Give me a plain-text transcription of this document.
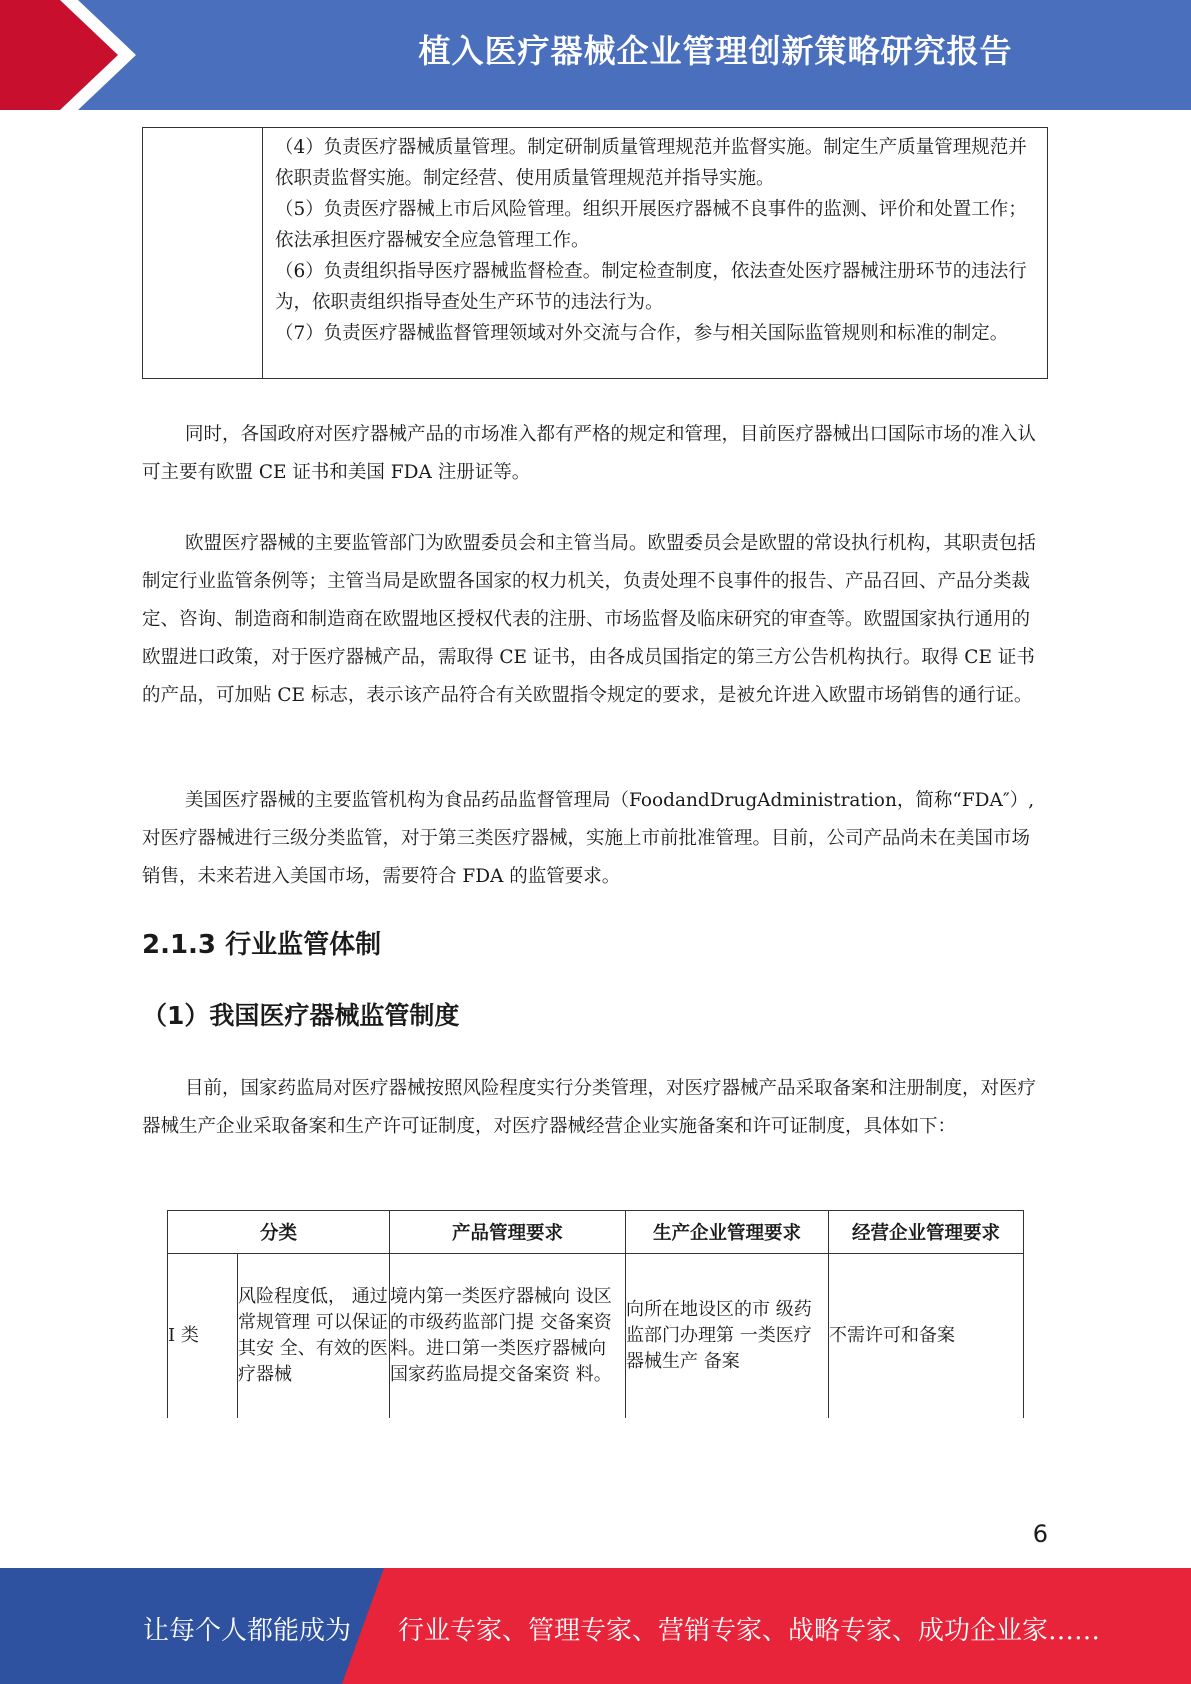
植入医疗器械企业管理创新策略研究报告

（4）负责医疗器械质量管理。制定研制质量管理规范并监督实施。制定生产质量管理规范并依职责监督实施。制定经营、使用质量管理规范并指导实施。

（5）负责医疗器械上市后风险管理。组织开展医疗器械不良事件的监测、评价和处置工作；依法承担医疗器械安全应急管理工作。

（6）负责组织指导医疗器械监督检查。制定检查制度，依法查处医疗器械注册环节的违法行为，依职责组织指导查处生产环节的违法行为。

（7）负责医疗器械监督管理领域对外交流与合作，参与相关国际监管规则和标准的制定。

同时，各国政府对医疗器械产品的市场准入都有严格的规定和管理，目前医疗器械出口国际市场的准入认可主要有欧盟 CE 证书和美国 FDA 注册证等。

欧盟医疗器械的主要监管部门为欧盟委员会和主管当局。欧盟委员会是欧盟的常设执行机构，其职责包括制定行业监管条例等；主管当局是欧盟各国家的权力机关，负责处理不良事件的报告、产品召回、产品分类裁定、咨询、制造商和制造商在欧盟地区授权代表的注册、市场监督及临床研究的审查等。欧盟国家执行通用的欧盟进口政策，对于医疗器械产品，需取得 CE 证书，由各成员国指定的第三方公告机构执行。取得 CE 证书的产品，可加贴 CE 标志，表示该产品符合有关欧盟指令规定的要求，是被允许进入欧盟市场销售的通行证。

美国医疗器械的主要监管机构为食品药品监督管理局（FoodandDrugAdministration，简称“FDA″）,对医疗器械进行三级分类监管，对于第三类医疗器械，实施上市前批准管理。目前，公司产品尚未在美国市场销售，未来若进入美国市场，需要符合 FDA 的监管要求。

2.1.3 行业监管体制
（1）我国医疗器械监管制度

目前，国家药监局对医疗器械按照风险程度实行分类管理，对医疗器械产品采取备案和注册制度，对医疗器械生产企业采取备案和生产许可证制度，对医疗器械经营企业实施备案和许可证制度，具体如下：

分类		产品管理要求	生产企业管理要求	经营企业管理要求
I 类	风险程度低， 通过常规管理 可以保证其安 全、有效的医 疗器械	境内第一类医疗器械向 设区的市级药监部门提 交备案资料。进口第一类医疗器械向 国家药监局提交备案资 料。	向所在地设区的市 级药监部门办理第 一类医疗器械生产 备案	不需许可和备案
6
让每个人都能成为 行业专家、管理专家、营销专家、战略专家、成功企业家……
